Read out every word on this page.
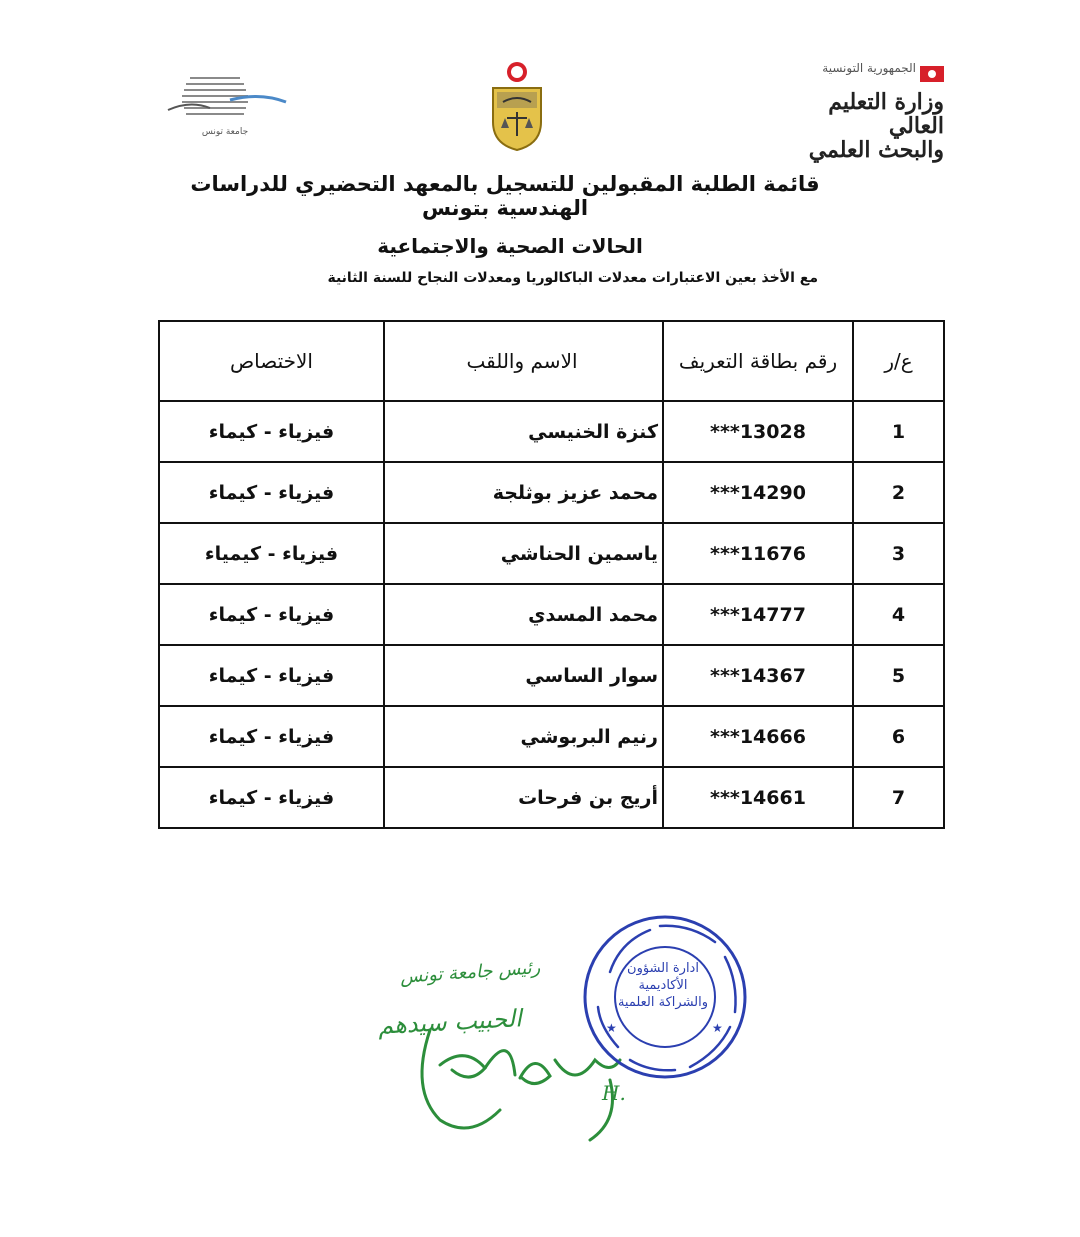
جامعة تونس
الجمهورية التونسية
وزارة التعليم العالي
والبحث العلمي
قائمة الطلبة المقبولين للتسجيل بالمعهد التحضيري للدراسات الهندسية بتونس
الحالات الصحية والاجتماعية
مع الأخذ بعين الاعتبارات معدلات الباكالوريا ومعدلات النجاح للسنة الثانية
ع/ر	رقم بطاقة التعريف	الاسم واللقب	الاختصاص
1	***13028	كنزة الخنيسي	فيزياء - كيماء
2	***14290	محمد عزيز بوثلجة	فيزياء - كيماء
3	***11676	ياسمين الحناشي	فيزياء - كيمياء
4	***14777	محمد المسدي	فيزياء - كيماء
5	***14367	سوار الساسي	فيزياء - كيماء
6	***14666	رنيم البربوشي	فيزياء - كيماء
7	***14661	أريج بن فرحات	فيزياء - كيماء
H.
رئيس جامعة تونس
الحبيب سيدهم	★	★
ادارة الشؤون الأكاديمية والشراكة العلمية
